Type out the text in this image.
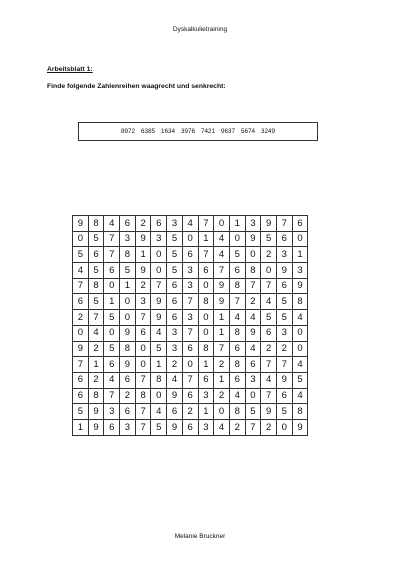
Dyskalkulietraining
Arbeitsblatt 1:
Finde folgende Zahlenreihen waagrecht und senkrecht:
8972 6385 1634 3976 7421 9637 5674 3249
9	8	4	6	2	6	3	4	7	0	1	3	9	7	6
0	5	7	3	9	3	5	0	1	4	0	9	5	6	0
5	6	7	8	1	0	5	6	7	4	5	0	2	3	1
4	5	6	5	9	0	5	3	6	7	6	8	0	9	3
7	8	0	1	2	7	6	3	0	9	8	7	7	6	9
6	5	1	0	3	9	6	7	8	9	7	2	4	5	8
2	7	5	0	7	9	6	3	0	1	4	4	5	5	4
0	4	0	9	6	4	3	7	0	1	8	9	6	3	0
9	2	5	8	0	5	3	6	8	7	6	4	2	2	0
7	1	6	9	0	1	2	0	1	2	8	6	7	7	4
6	2	4	6	7	8	4	7	6	1	6	3	4	9	5
6	8	7	2	8	0	9	6	3	2	4	0	7	6	4
5	9	3	6	7	4	6	2	1	0	8	5	9	5	8
1	9	6	3	7	5	9	6	3	4	2	7	2	0	9
Melanie Bruckner
